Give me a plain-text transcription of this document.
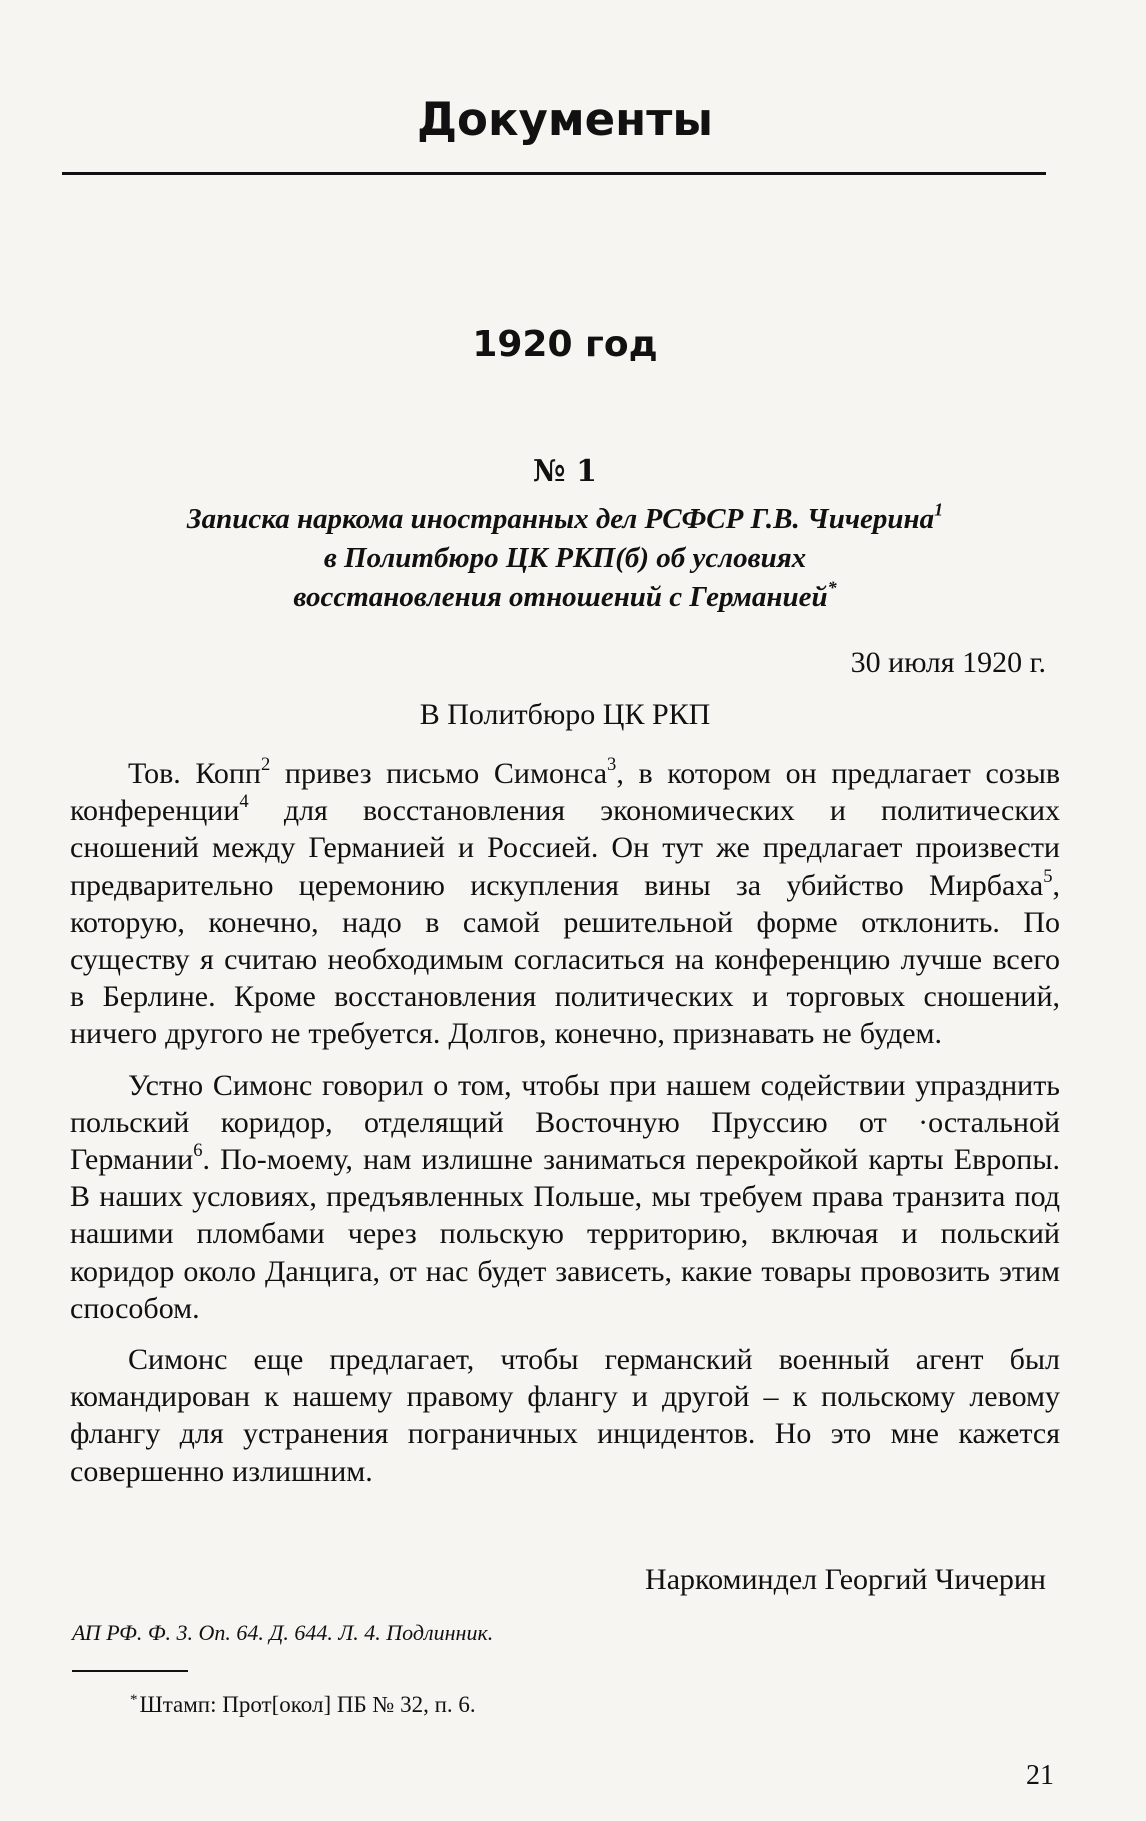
Документы
1920 год
№ 1
Записка наркома иностранных дел РСФСР Г.В. Чичерина$^1$
в Политбюро ЦК РКП(б) об условиях
восстановления отношений с Германией*

30 июля 1920 г.

В Политбюро ЦК РКП

Тов. Копп$^2$ привез письмо Симонса$^3$, в котором он предлагает созыв конференции$^4$ для восстановления экономических и политических сношений между Германией и Россией. Он тут же предлагает произвести предварительно церемонию искупления вины за убийство Мирбаха$^5$, которую, конечно, надо в самой решительной форме отклонить. По существу я считаю необходимым согласиться на конференцию лучше всего в Берлине. Кроме восстановления политических и торговых сношений, ничего другого не требуется. Долгов, конечно, признавать не будем.

Устно Симонс говорил о том, чтобы при нашем содействии упразднить польский коридор, отделящий Восточную Пруссию от ·остальной Германии$^6$. По-моему, нам излишне заниматься перекройкой карты Европы. В наших условиях, предъявленных Польше, мы требуем права транзита под нашими пломбами через польскую территорию, включая и польский коридор около Данцига, от нас будет зависеть, какие товары провозить этим способом.

Симонс еще предлагает, чтобы германский военный агент был командирован к нашему правому флангу и другой – к польскому левому флангу для устранения пограничных инцидентов. Но это мне кажется совершенно излишним.

Наркоминдел Георгий Чичерин

АП РФ. Ф. 3. Оп. 64. Д. 644. Л. 4. Подлинник.

*Штамп: Прот[окол] ПБ № 32, п. 6.

21
